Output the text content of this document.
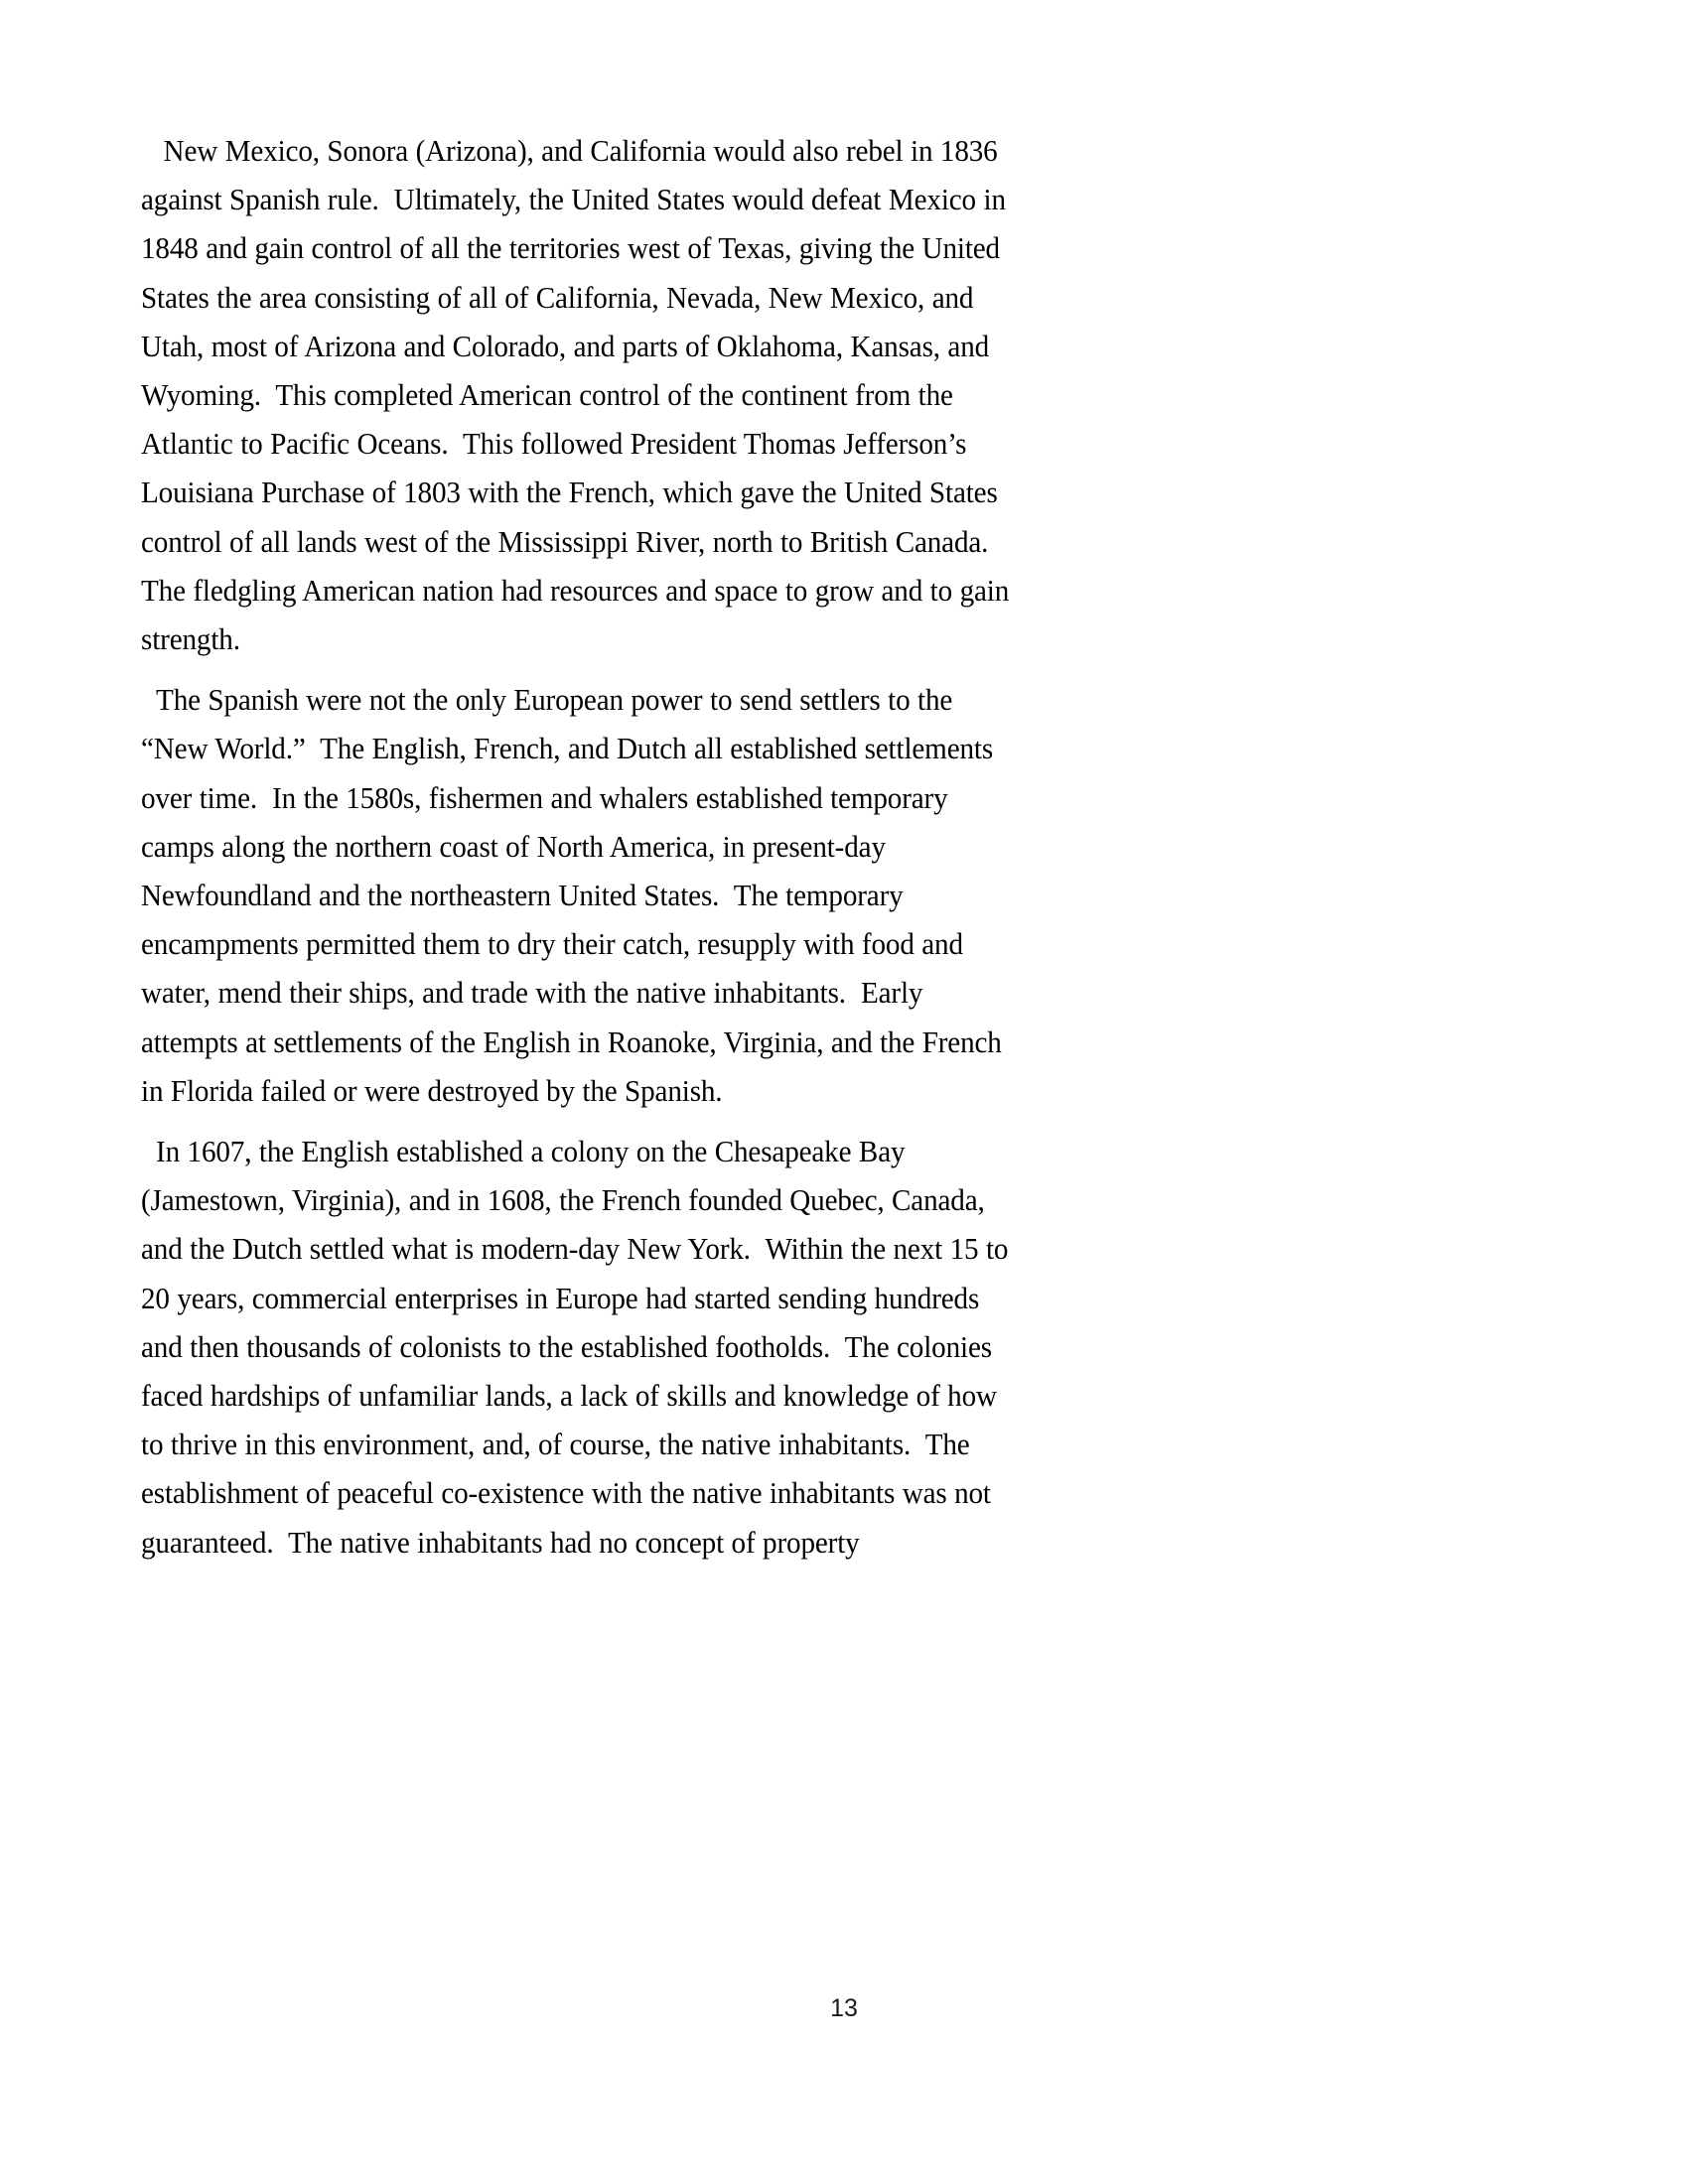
New Mexico, Sonora (Arizona), and California would also rebel in 1836 against Spanish rule.  Ultimately, the United States would defeat Mexico in 1848 and gain control of all the territories west of Texas, giving the United States the area consisting of all of California, Nevada, New Mexico, and Utah, most of Arizona and Colorado, and parts of Oklahoma, Kansas, and Wyoming.  This completed American control of the continent from the Atlantic to Pacific Oceans.  This followed President Thomas Jefferson’s Louisiana Purchase of 1803 with the French, which gave the United States control of all lands west of the Mississippi River, north to British Canada.  The fledgling American nation had resources and space to grow and to gain strength.

The Spanish were not the only European power to send settlers to the “New World.”  The English, French, and Dutch all established settlements over time.  In the 1580s, fishermen and whalers established temporary camps along the northern coast of North America, in present-day Newfoundland and the northeastern United States.  The temporary encampments permitted them to dry their catch, resupply with food and water, mend their ships, and trade with the native inhabitants.  Early attempts at settlements of the English in Roanoke, Virginia, and the French in Florida failed or were destroyed by the Spanish.

In 1607, the English established a colony on the Chesapeake Bay (Jamestown, Virginia), and in 1608, the French founded Quebec, Canada, and the Dutch settled what is modern-day New York.  Within the next 15 to 20 years, commercial enterprises in Europe had started sending hundreds and then thousands of colonists to the established footholds.  The colonies faced hardships of unfamiliar lands, a lack of skills and knowledge of how to thrive in this environment, and, of course, the native inhabitants.  The establishment of peaceful co-existence with the native inhabitants was not guaranteed.  The native inhabitants had no concept of property

13
